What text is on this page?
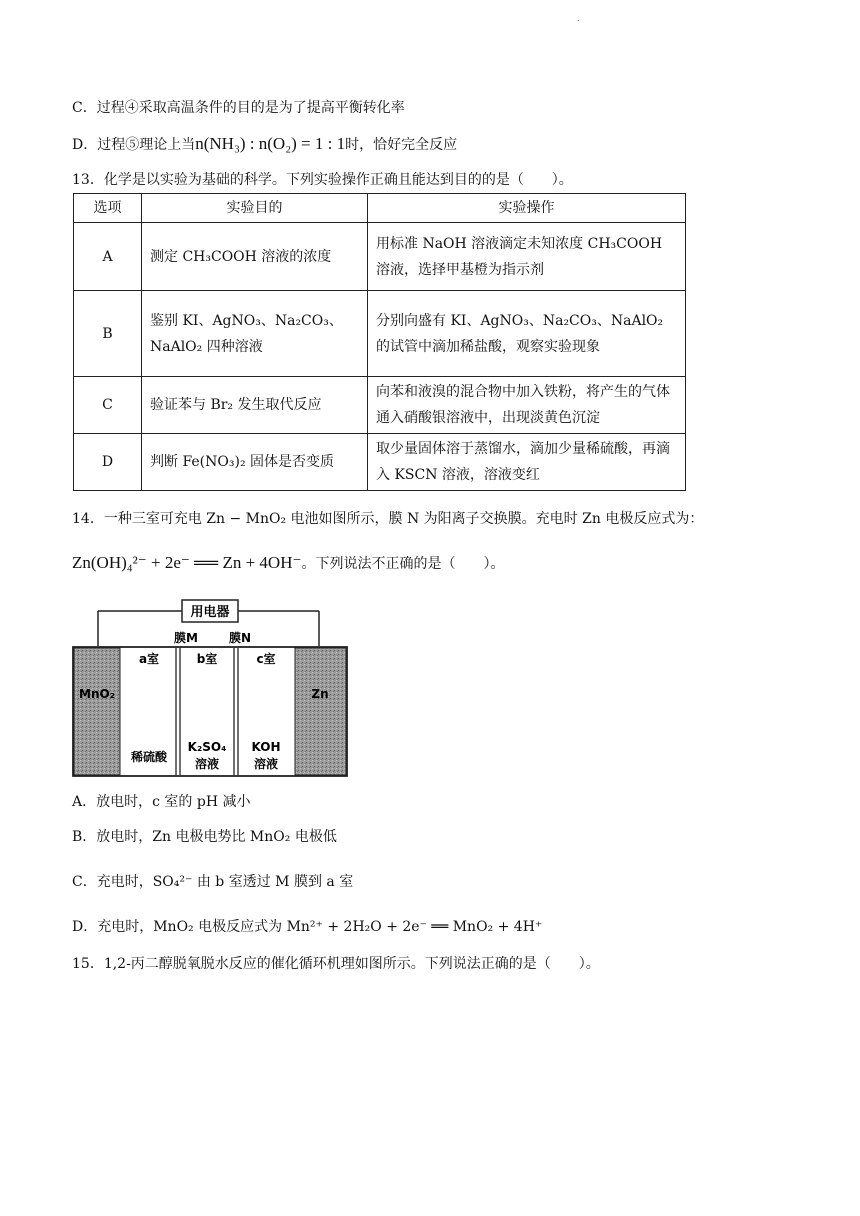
.
C．过程④采取高温条件的目的是为了提高平衡转化率
D．过程⑤理论上当n(NH₃) : n(O₂) = 1 : 1时，恰好完全反应
13．化学是以实验为基础的科学。下列实验操作正确且能达到目的的是（　　）。
选项	实验目的	实验操作
A	测定 CH₃COOH 溶液的浓度	用标准 NaOH 溶液滴定未知浓度 CH₃COOH 溶液，选择甲基橙为指示剂
B	鉴别 KI、AgNO₃、Na₂CO₃、NaAlO₂ 四种溶液	分别向盛有 KI、AgNO₃、Na₂CO₃、NaAlO₂ 的试管中滴加稀盐酸，观察实验现象
C	验证苯与 Br₂ 发生取代反应	向苯和液溴的混合物中加入铁粉，将产生的气体通入硝酸银溶液中，出现淡黄色沉淀
D	判断 Fe(NO₃)₂ 固体是否变质	取少量固体溶于蒸馏水，滴加少量稀硫酸，再滴入 KSCN 溶液，溶液变红
14．一种三室可充电 Zn − MnO₂ 电池如图所示，膜 N 为阳离子交换膜。充电时 Zn 电极反应式为：
Zn(OH)₄²⁻ + 2e⁻ ══ Zn + 4OH⁻。下列说法不正确的是（　　）。
用电器
膜M	膜N
MnO₂	Zn
a室	b室	c室
稀硫酸
K₂SO₄
溶液
KOH
溶液
A．放电时，c 室的 pH 减小
B．放电时，Zn 电极电势比 MnO₂ 电极低
C．充电时，SO₄²⁻ 由 b 室透过 M 膜到 a 室
D．充电时，MnO₂ 电极反应式为 Mn²⁺ + 2H₂O + 2e⁻ ══ MnO₂ + 4H⁺
15．1,2-丙二醇脱氧脱水反应的催化循环机理如图所示。下列说法正确的是（　　）。
